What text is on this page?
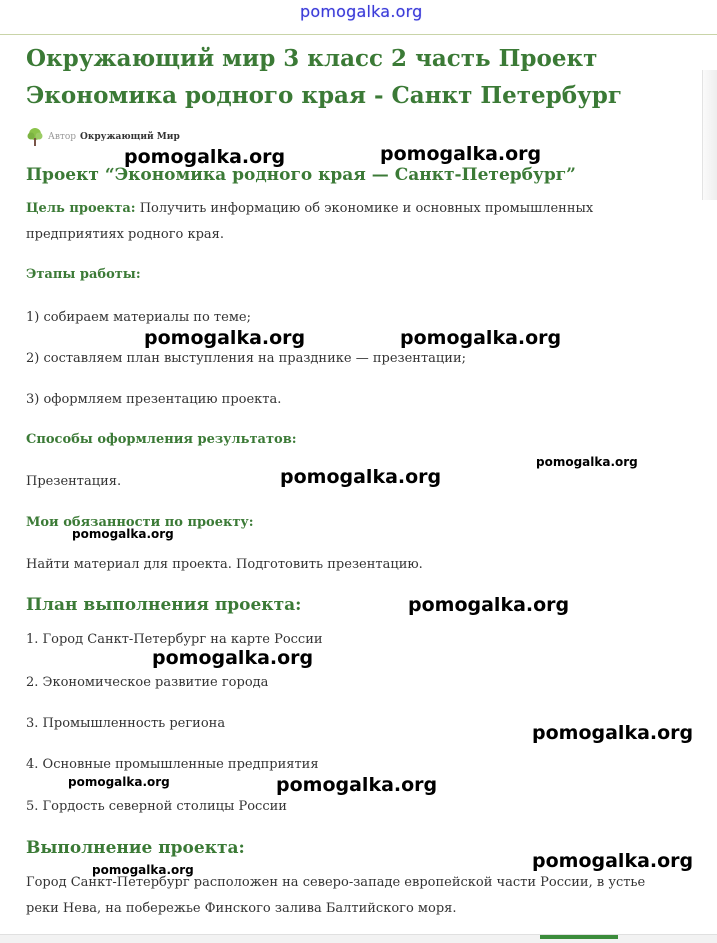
pomogalka.org
Окружающий мир 3 класс 2 часть Проект
Экономика родного края - Санкт Петербург
Автор Окружающий Мир
Проект “Экономика родного края — Санкт-Петербург”
Цель проекта: Получить информацию об экономике и основных промышленных
предприятиях родного края.
Этапы работы:
1) собираем материалы по теме;
2) составляем план выступления на празднике — презентации;
3) оформляем презентацию проекта.
Способы оформления результатов:
Презентация.
Мои обязанности по проекту:
Найти материал для проекта. Подготовить презентацию.
План выполнения проекта:
1. Город Санкт-Петербург на карте России
2. Экономическое развитие города
3. Промышленность региона
4. Основные промышленные предприятия
5. Гордость северной столицы России
Выполнение проекта:
Город Санкт-Петербург расположен на северо-западе европейской части России, в устье
реки Нева, на побережье Финского залива Балтийского моря.
pomogalka.org	pomogalka.org
pomogalka.org	pomogalka.org
pomogalka.org
pomogalka.org
pomogalka.org
pomogalka.org
pomogalka.org
pomogalka.org
pomogalka.org	pomogalka.org
pomogalka.org
pomogalka.org
